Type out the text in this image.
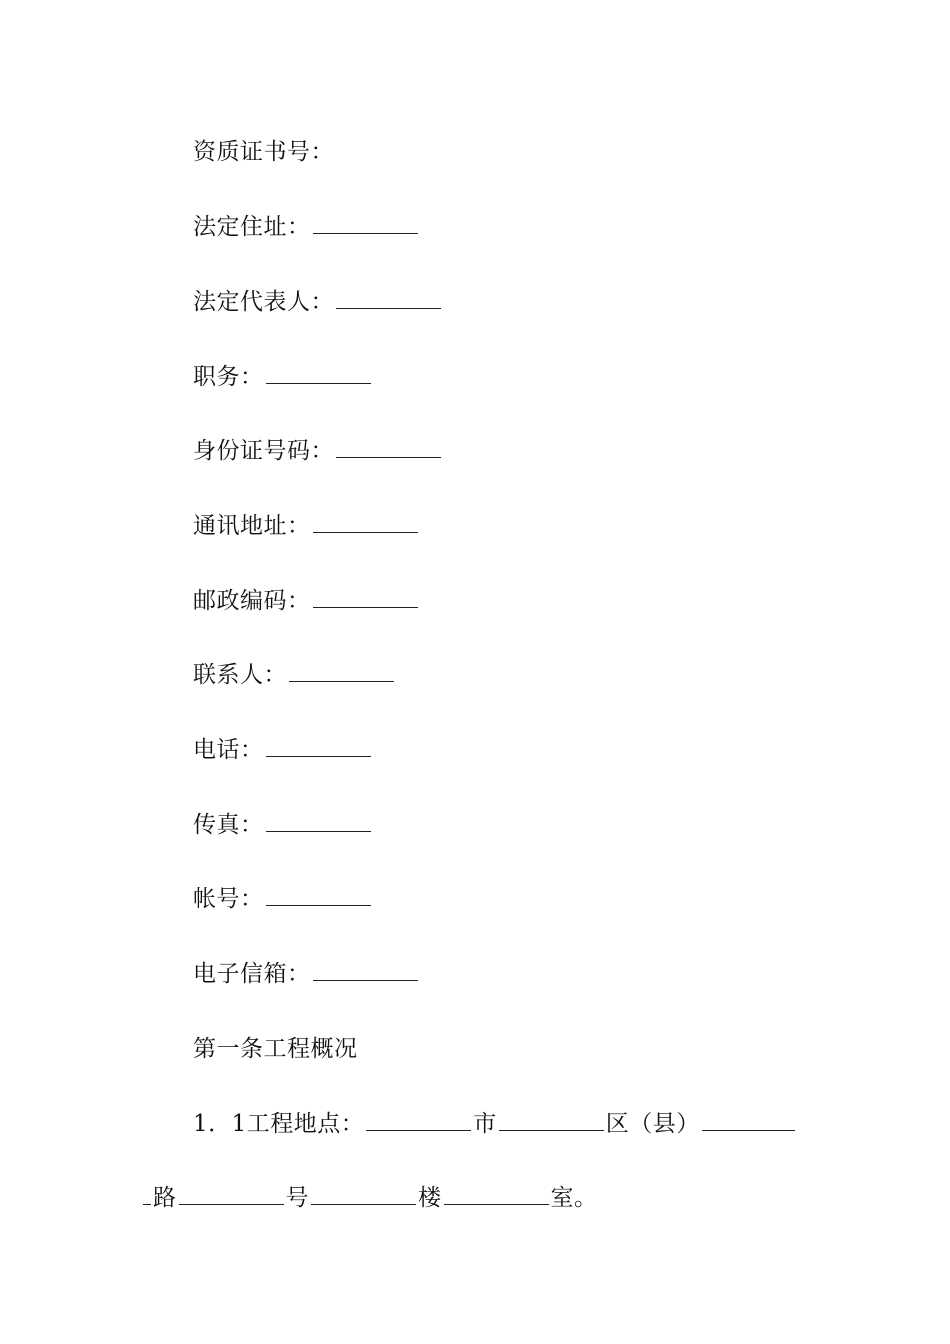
资质证书号：
法定住址：
法定代表人：
职务：
身份证号码：
通讯地址：
邮政编码：
联系人：
电话：
传真：
帐号：
电子信箱：
第一条工程概况
1．1工程地点：	市	区（县）
路	号	楼	室。
